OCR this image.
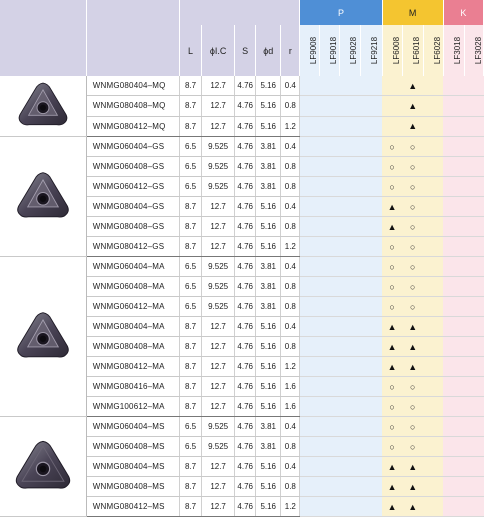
							P				M			K	
		L	ϕI.C	S	ϕd	r	LF9008	LF9018	LF9028	LF9218	LF6008	LF6018	LF6028	LF3018	LF3028
	WNMG080404–MQ	8.7	12.7	4.76	5.16	0.4						▲			
	WNMG080408–MQ	8.7	12.7	4.76	5.16	0.8						▲			
	WNMG080412–MQ	8.7	12.7	4.76	5.16	1.2						▲			
	WNMG060404–GS	6.5	9.525	4.76	3.81	0.4					○	○			
	WNMG060408–GS	6.5	9.525	4.76	3.81	0.8					○	○			
	WNMG060412–GS	6.5	9.525	4.76	3.81	0.8					○	○			
	WNMG080404–GS	8.7	12.7	4.76	5.16	0.4					▲	○			
	WNMG080408–GS	8.7	12.7	4.76	5.16	0.8					▲	○			
	WNMG080412–GS	8.7	12.7	4.76	5.16	1.2					○	○			
	WNMG060404–MA	6.5	9.525	4.76	3.81	0.4					○	○			
	WNMG060408–MA	6.5	9.525	4.76	3.81	0.8					○	○			
	WNMG060412–MA	6.5	9.525	4.76	3.81	0.8					○	○			
	WNMG080404–MA	8.7	12.7	4.76	5.16	0.4					▲	▲			
	WNMG080408–MA	8.7	12.7	4.76	5.16	0.8					▲	▲			
	WNMG080412–MA	8.7	12.7	4.76	5.16	1.2					▲	▲			
	WNMG080416–MA	8.7	12.7	4.76	5.16	1.6					○	○			
	WNMG100612–MA	8.7	12.7	4.76	5.16	1.6					○	○			
	WNMG060404–MS	6.5	9.525	4.76	3.81	0.4					○	○			
	WNMG060408–MS	6.5	9.525	4.76	3.81	0.8					○	○			
	WNMG080404–MS	8.7	12.7	4.76	5.16	0.4					▲	▲			
	WNMG080408–MS	8.7	12.7	4.76	5.16	0.8					▲	▲			
	WNMG080412–MS	8.7	12.7	4.76	5.16	1.2					▲	▲			
